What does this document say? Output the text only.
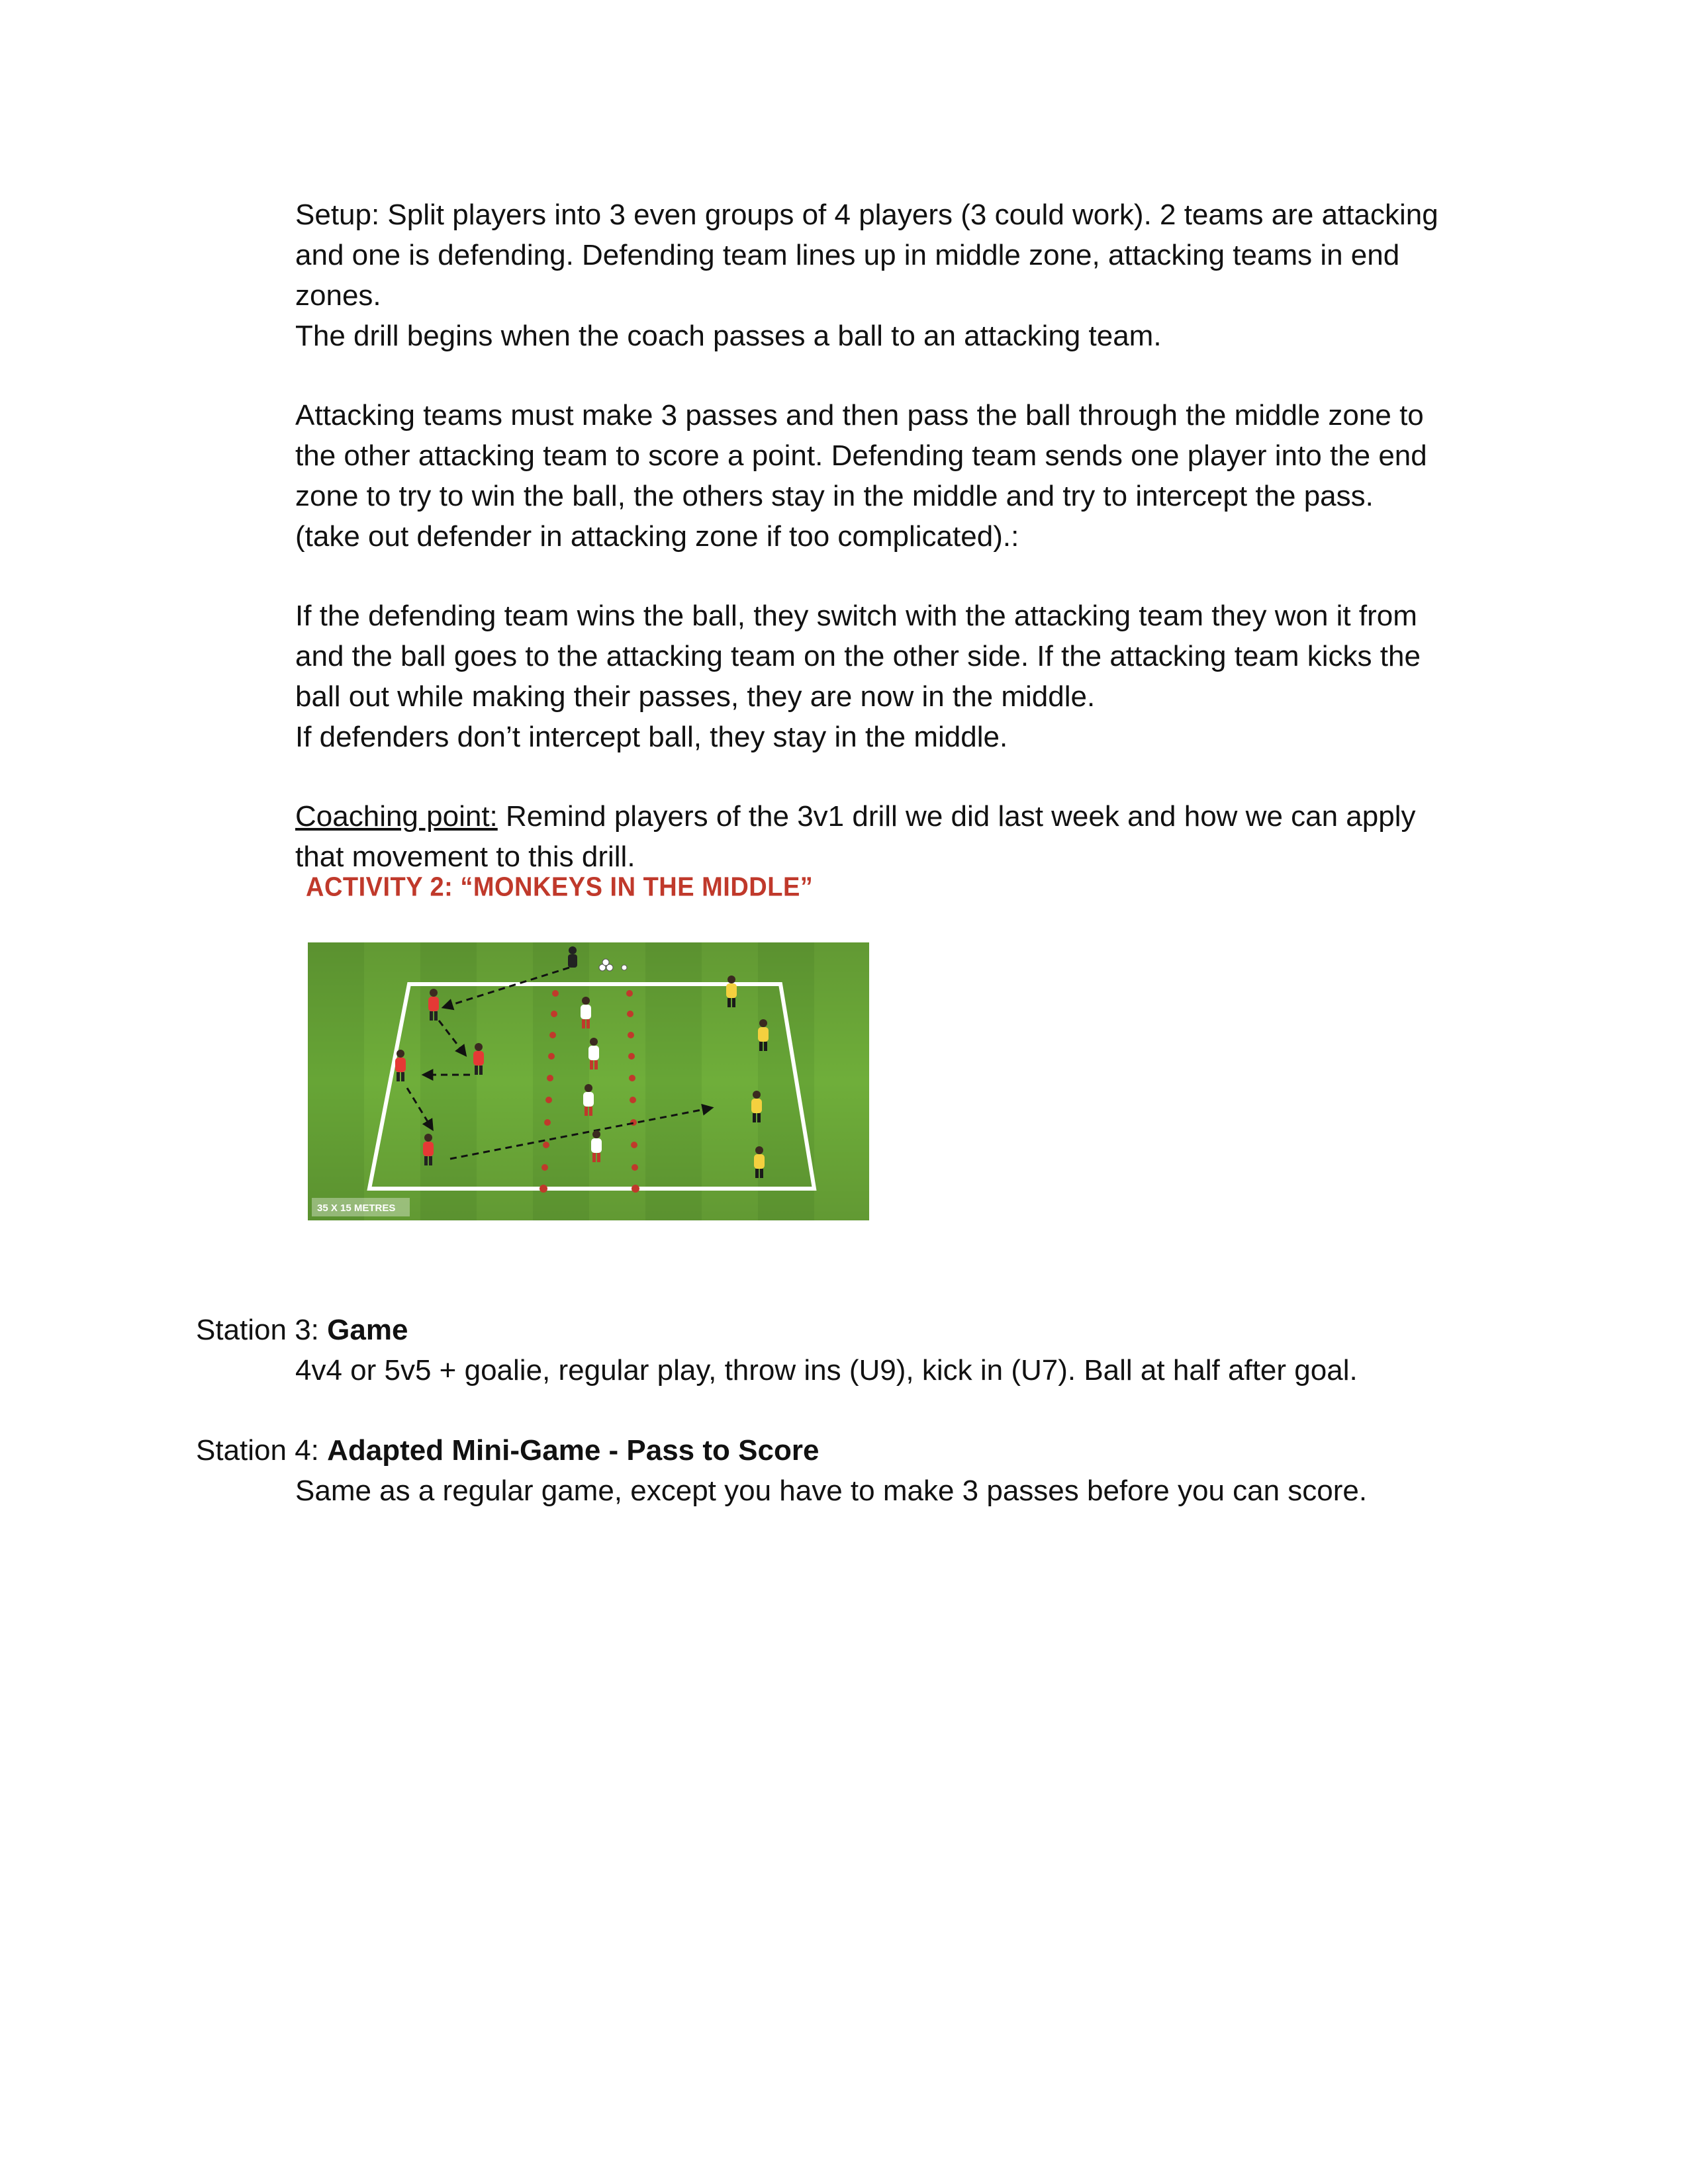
Setup: Split players into 3 even groups of 4 players (3 could work). 2 teams are attacking

and one is defending. Defending team lines up in middle zone, attacking teams in end

zones.

The drill begins when the coach passes a ball to an attacking team.

Attacking teams must make 3 passes and then pass the ball through the middle zone to

the other attacking team to score a point. Defending team sends one player into the end

zone to try to win the ball, the others stay in the middle and try to intercept the pass.

(take out defender in attacking zone if too complicated).:

If the defending team wins the ball, they switch with the attacking team they won it from

and the ball goes to the attacking team on the other side. If the attacking team kicks the

ball out while making their passes, they are now in the middle.

If defenders don’t intercept ball, they stay in the middle.

Coaching point: Remind players of the 3v1 drill we did last week and how we can apply

that movement to this drill.

ACTIVITY 2: “MONKEYS IN THE MIDDLE”
35 X 15 METRES
Station 3: Game
4v4 or 5v5 + goalie, regular play, throw ins (U9), kick in (U7). Ball at half after goal.
Station 4: Adapted Mini-Game - Pass to Score
Same as a regular game, except you have to make 3 passes before you can score.
